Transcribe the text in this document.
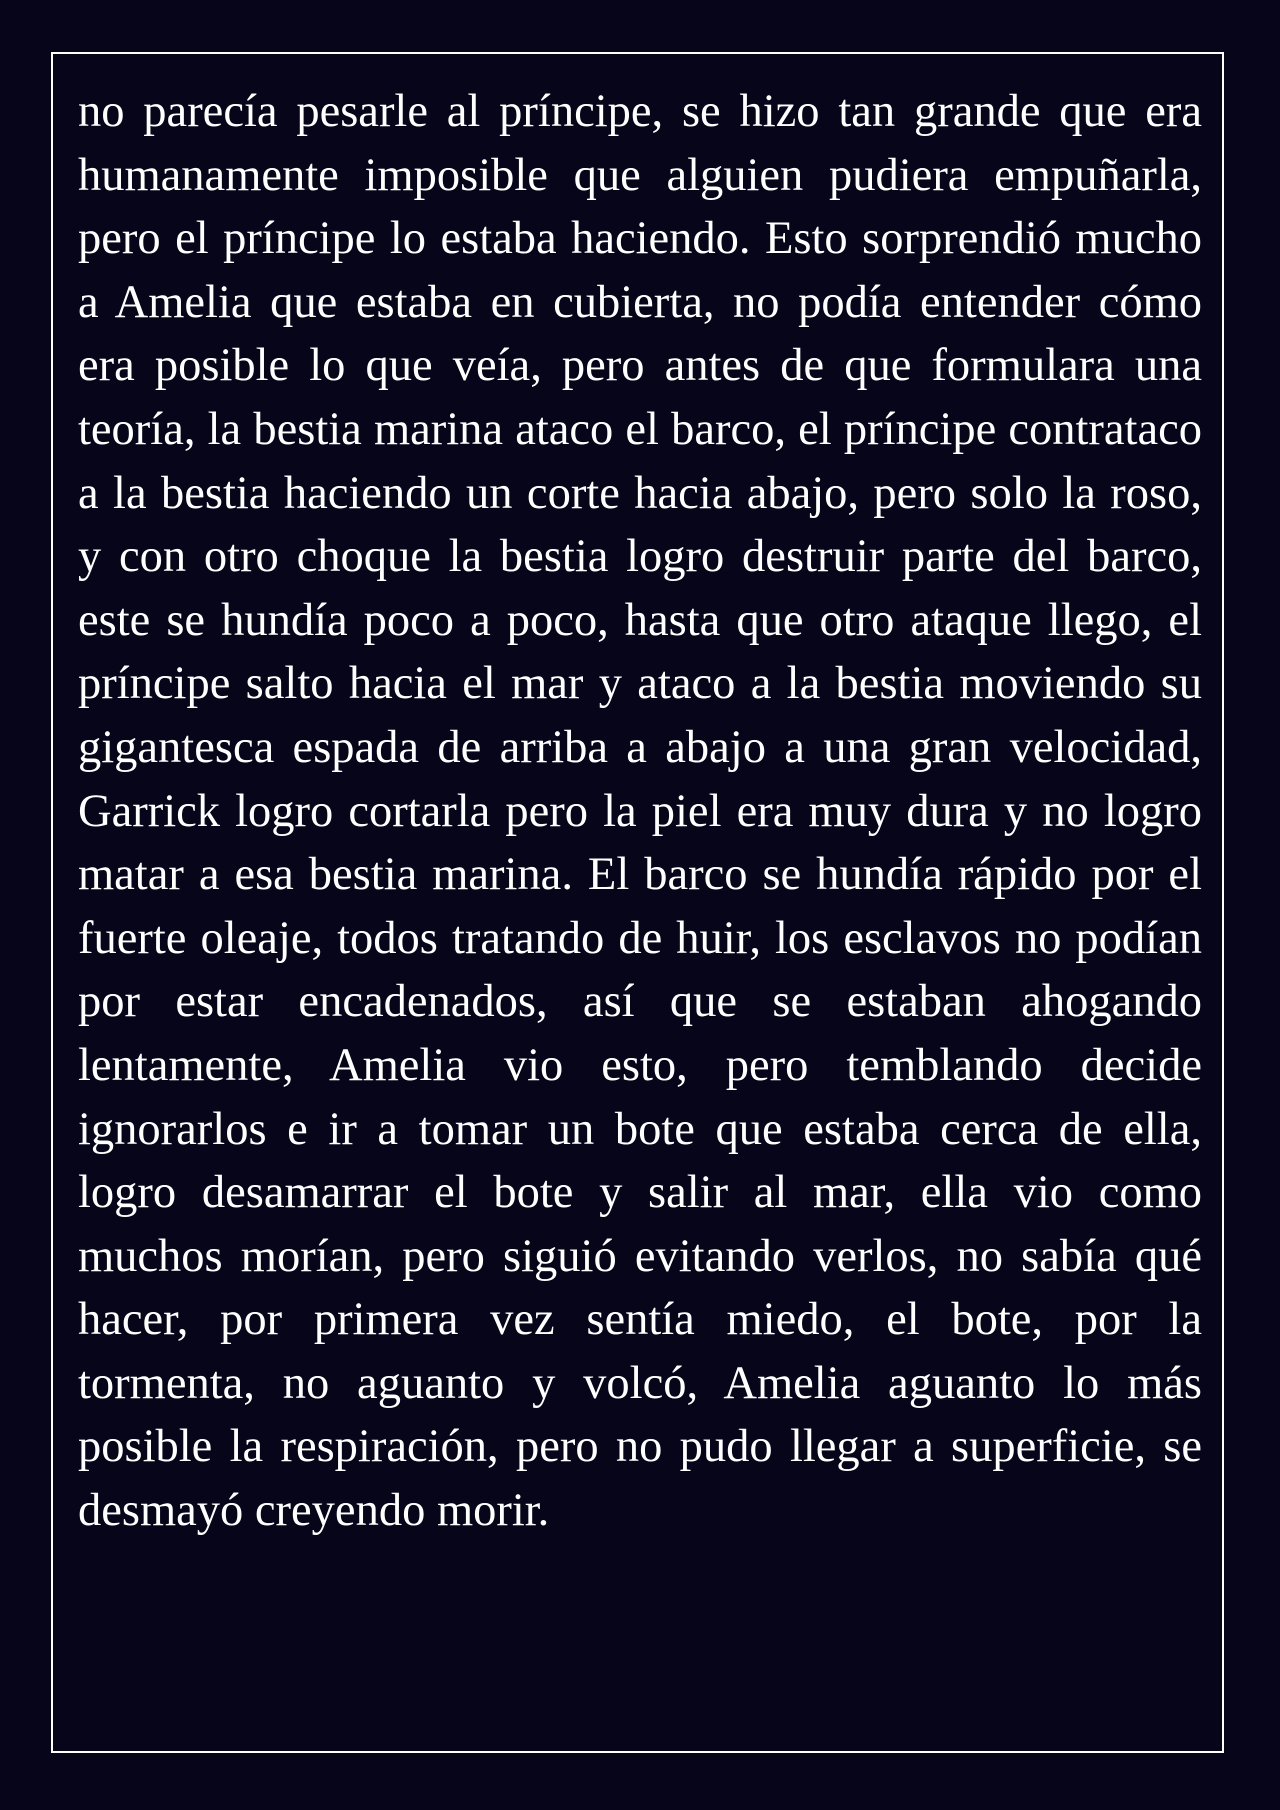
no parecía pesarle al príncipe, se hizo tan grande que era humanamente imposible que alguien pudiera empuñarla, pero el príncipe lo estaba haciendo. Esto sorprendió mucho a Amelia que estaba en cubierta, no podía entender cómo era posible lo que veía, pero antes de que formulara una teoría, la bestia marina ataco el barco, el príncipe contrataco a la bestia haciendo un corte hacia abajo, pero solo la roso, y con otro choque la bestia logro destruir parte del barco, este se hundía poco a poco, hasta que otro ataque llego, el príncipe salto hacia el mar y ataco a la bestia moviendo su gigantesca espada de arriba a abajo a una gran velocidad, Garrick logro cortarla pero la piel era muy dura y no logro matar a esa bestia marina. El barco se hundía rápido por el fuerte oleaje, todos tratando de huir, los esclavos no podían por estar encadenados, así que se estaban ahogando lentamente, Amelia vio esto, pero temblando decide ignorarlos e ir a tomar un bote que estaba cerca de ella, logro desamarrar el bote y salir al mar, ella vio como muchos morían, pero siguió evitando verlos, no sabía qué hacer, por primera vez sentía miedo, el bote, por la tormenta, no aguanto y volcó, Amelia aguanto lo más posible la respiración, pero no pudo llegar a superficie, se desmayó creyendo morir.
